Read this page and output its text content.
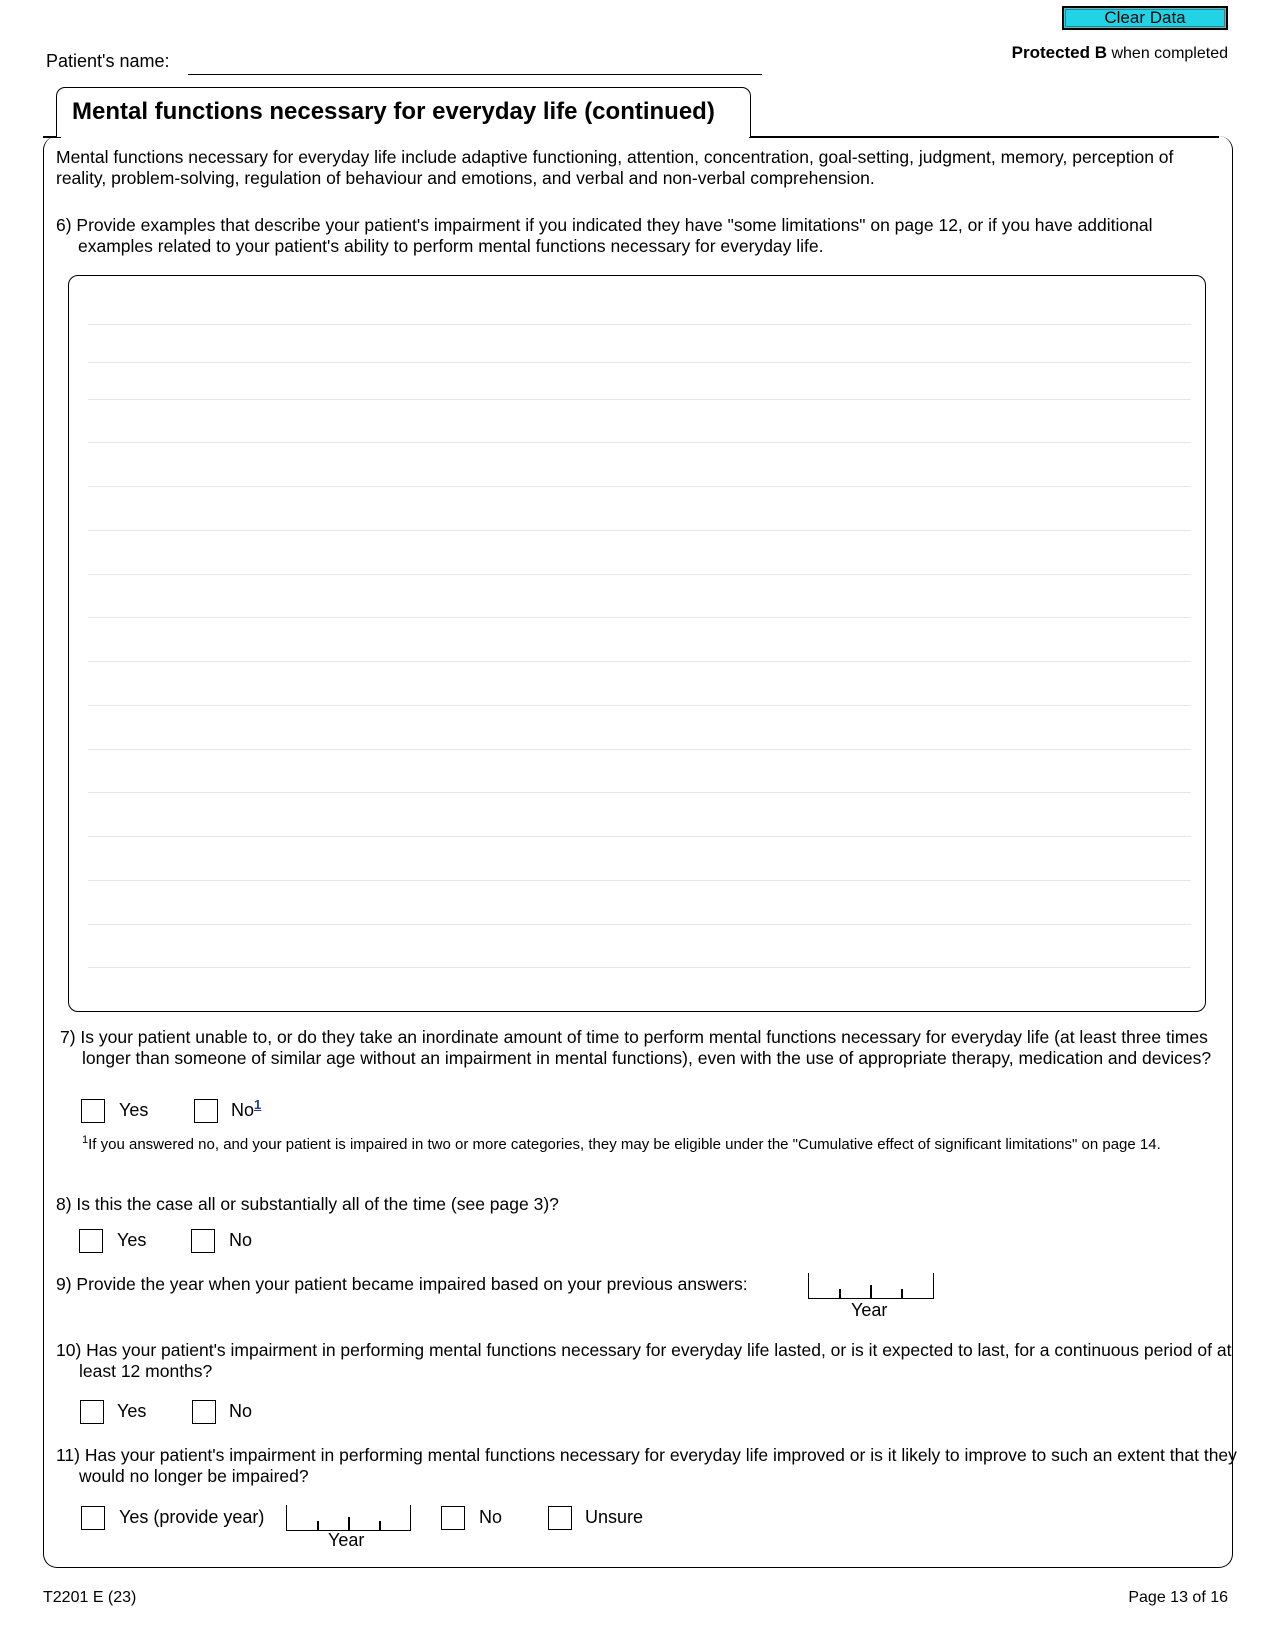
Clear Data
Patient's name:	Protected B when completed
Mental functions necessary for everyday life (continued)
Mental functions necessary for everyday life include adaptive functioning, attention, concentration, goal-setting, judgment, memory, perception of reality, problem-solving, regulation of behaviour and emotions, and verbal and non-verbal comprehension.
6) Provide examples that describe your patient's impairment if you indicated they have "some limitations" on page 12, or if you have additional examples related to your patient's ability to perform mental functions necessary for everyday life.
7) Is your patient unable to, or do they take an inordinate amount of time to perform mental functions necessary for everyday life (at least three times longer than someone of similar age without an impairment in mental functions), even with the use of appropriate therapy, medication and devices?
Yes	No$^1$
$^1$If you answered no, and your patient is impaired in two or more categories, they may be eligible under the "Cumulative effect of significant limitations" on page 14.
8) Is this the case all or substantially all of the time (see page 3)?
Yes	No
9) Provide the year when your patient became impaired based on your previous answers:
Year
10) Has your patient's impairment in performing mental functions necessary for everyday life lasted, or is it expected to last, for a continuous period of at least 12 months?
Yes	No
11) Has your patient's impairment in performing mental functions necessary for everyday life improved or is it likely to improve to such an extent that they would no longer be impaired?
Yes (provide year)
Year
No	Unsure
T2201 E (23)	Page 13 of 16
